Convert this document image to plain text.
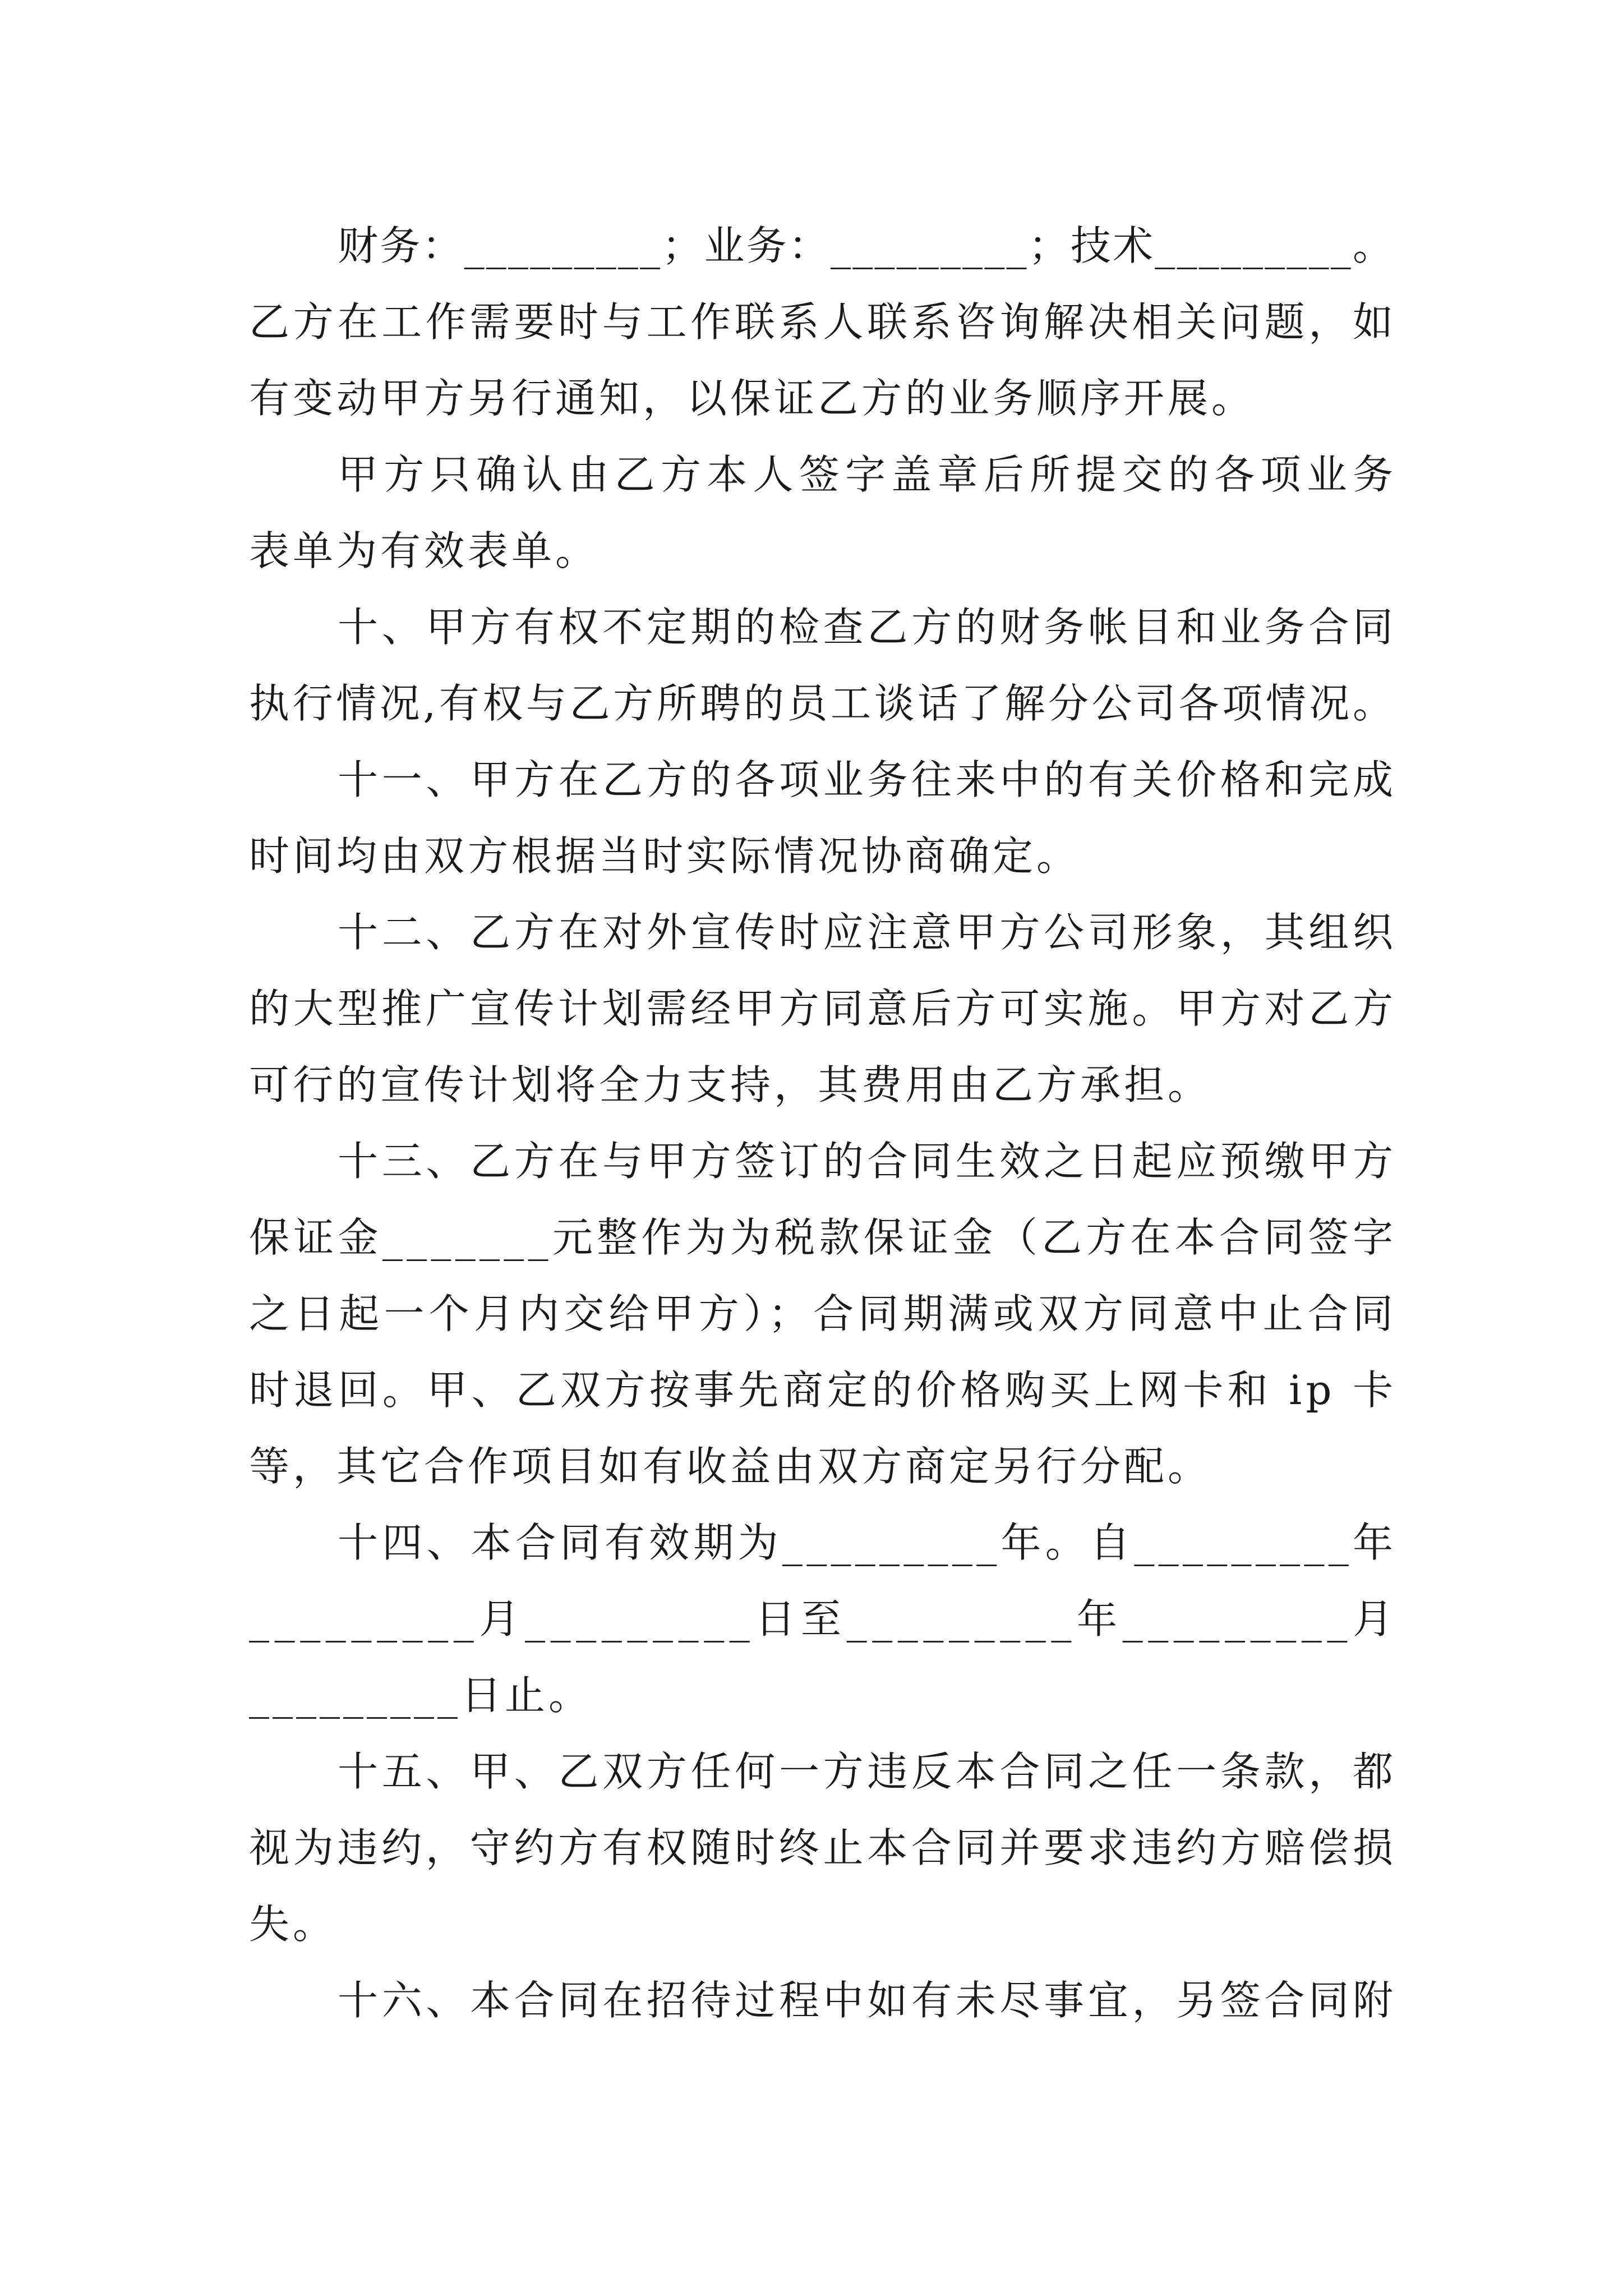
财务：_________；业务：_________；技术_________。
乙方在工作需要时与工作联系人联系咨询解决相关问题，如
有变动甲方另行通知，以保证乙方的业务顺序开展。
甲方只确认由乙方本人签字盖章后所提交的各项业务
表单为有效表单。
十、甲方有权不定期的检查乙方的财务帐目和业务合同
执行情况,有权与乙方所聘的员工谈话了解分公司各项情况。
十一、甲方在乙方的各项业务往来中的有关价格和完成
时间均由双方根据当时实际情况协商确定。
十二、乙方在对外宣传时应注意甲方公司形象，其组织
的大型推广宣传计划需经甲方同意后方可实施。甲方对乙方
可行的宣传计划将全力支持，其费用由乙方承担。
十三、乙方在与甲方签订的合同生效之日起应预缴甲方
保证金_______元整作为为税款保证金（乙方在本合同签字
之日起一个月内交给甲方）；合同期满或双方同意中止合同
时退回。甲、乙双方按事先商定的价格购买上网卡和 ip 卡
等，其它合作项目如有收益由双方商定另行分配。
十四、本合同有效期为_________年。自_________年
_________月_________日至_________年_________月
_________日止。
十五、甲、乙双方任何一方违反本合同之任一条款，都
视为违约，守约方有权随时终止本合同并要求违约方赔偿损
失。
十六、本合同在招待过程中如有未尽事宜，另签合同附
